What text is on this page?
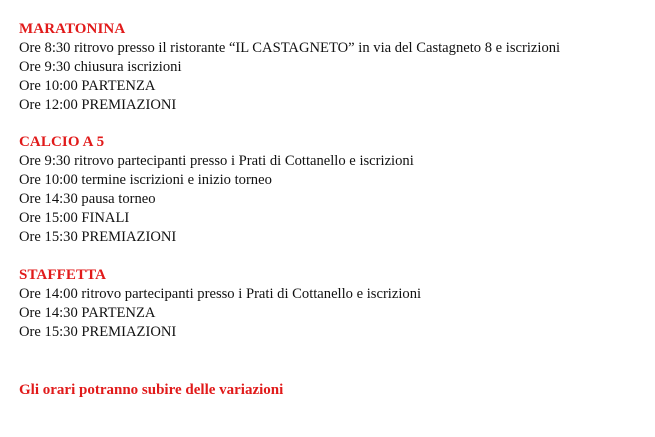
MARATONINA
Ore 8:30 ritrovo presso il ristorante “IL CASTAGNETO” in via del Castagneto 8 e iscrizioni
Ore 9:30 chiusura iscrizioni
Ore 10:00 PARTENZA
Ore 12:00 PREMIAZIONI
CALCIO A 5
Ore 9:30 ritrovo partecipanti presso i Prati di Cottanello e iscrizioni
Ore 10:00 termine iscrizioni e inizio torneo
Ore 14:30 pausa torneo
Ore 15:00 FINALI
Ore 15:30 PREMIAZIONI
STAFFETTA
Ore 14:00 ritrovo partecipanti presso i Prati di Cottanello e iscrizioni
Ore 14:30 PARTENZA
Ore 15:30 PREMIAZIONI
Gli orari potranno subire delle variazioni
